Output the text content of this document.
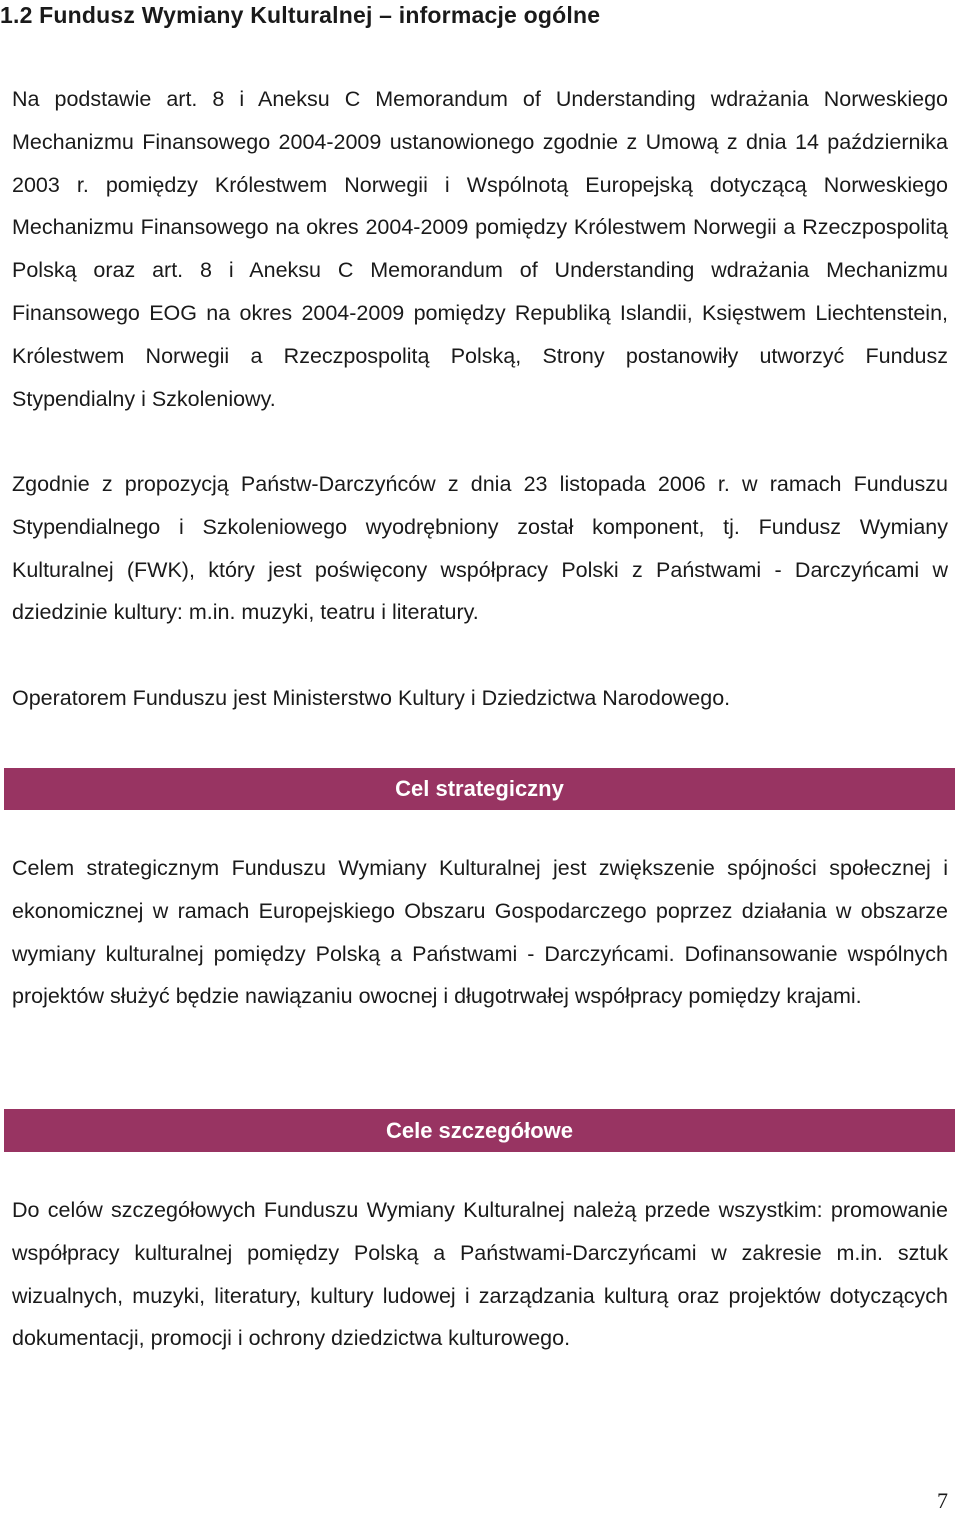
1.2 Fundusz Wymiany Kulturalnej – informacje ogólne

Na podstawie art. 8 i Aneksu C Memorandum of Understanding wdrażania Norweskiego Mechanizmu Finansowego 2004-2009 ustanowionego zgodnie z Umową z dnia 14 października 2003 r. pomiędzy Królestwem Norwegii i Wspólnotą Europejską dotyczącą Norweskiego Mechanizmu Finansowego na okres 2004-2009 pomiędzy Królestwem Norwegii a Rzeczpospolitą Polską oraz art. 8 i Aneksu C Memorandum of Understanding wdrażania Mechanizmu Finansowego EOG na okres 2004-2009 pomiędzy Republiką Islandii, Księstwem Liechtenstein, Królestwem Norwegii a Rzeczpospolitą Polską, Strony postanowiły utworzyć Fundusz Stypendialny i Szkoleniowy.

Zgodnie z propozycją Państw-Darczyńców z dnia 23 listopada 2006 r. w ramach Funduszu Stypendialnego i Szkoleniowego wyodrębniony został komponent, tj. Fundusz Wymiany Kulturalnej (FWK), który jest poświęcony współpracy Polski z Państwami - Darczyńcami w dziedzinie kultury: m.in. muzyki, teatru i literatury.

Operatorem Funduszu jest Ministerstwo Kultury i Dziedzictwa Narodowego.

Cel strategiczny

Celem strategicznym Funduszu Wymiany Kulturalnej jest zwiększenie spójności społecznej i ekonomicznej w ramach Europejskiego Obszaru Gospodarczego poprzez działania w obszarze wymiany kulturalnej pomiędzy Polską a Państwami - Darczyńcami. Dofinansowanie wspólnych projektów służyć będzie nawiązaniu owocnej i długotrwałej współpracy pomiędzy krajami.

Cele szczegółowe

Do celów szczegółowych Funduszu Wymiany Kulturalnej należą przede wszystkim: promowanie współpracy kulturalnej pomiędzy Polską a Państwami-Darczyńcami w zakresie m.in. sztuk wizualnych, muzyki, literatury, kultury ludowej i zarządzania kulturą oraz projektów dotyczących dokumentacji, promocji i ochrony dziedzictwa kulturowego.

7
